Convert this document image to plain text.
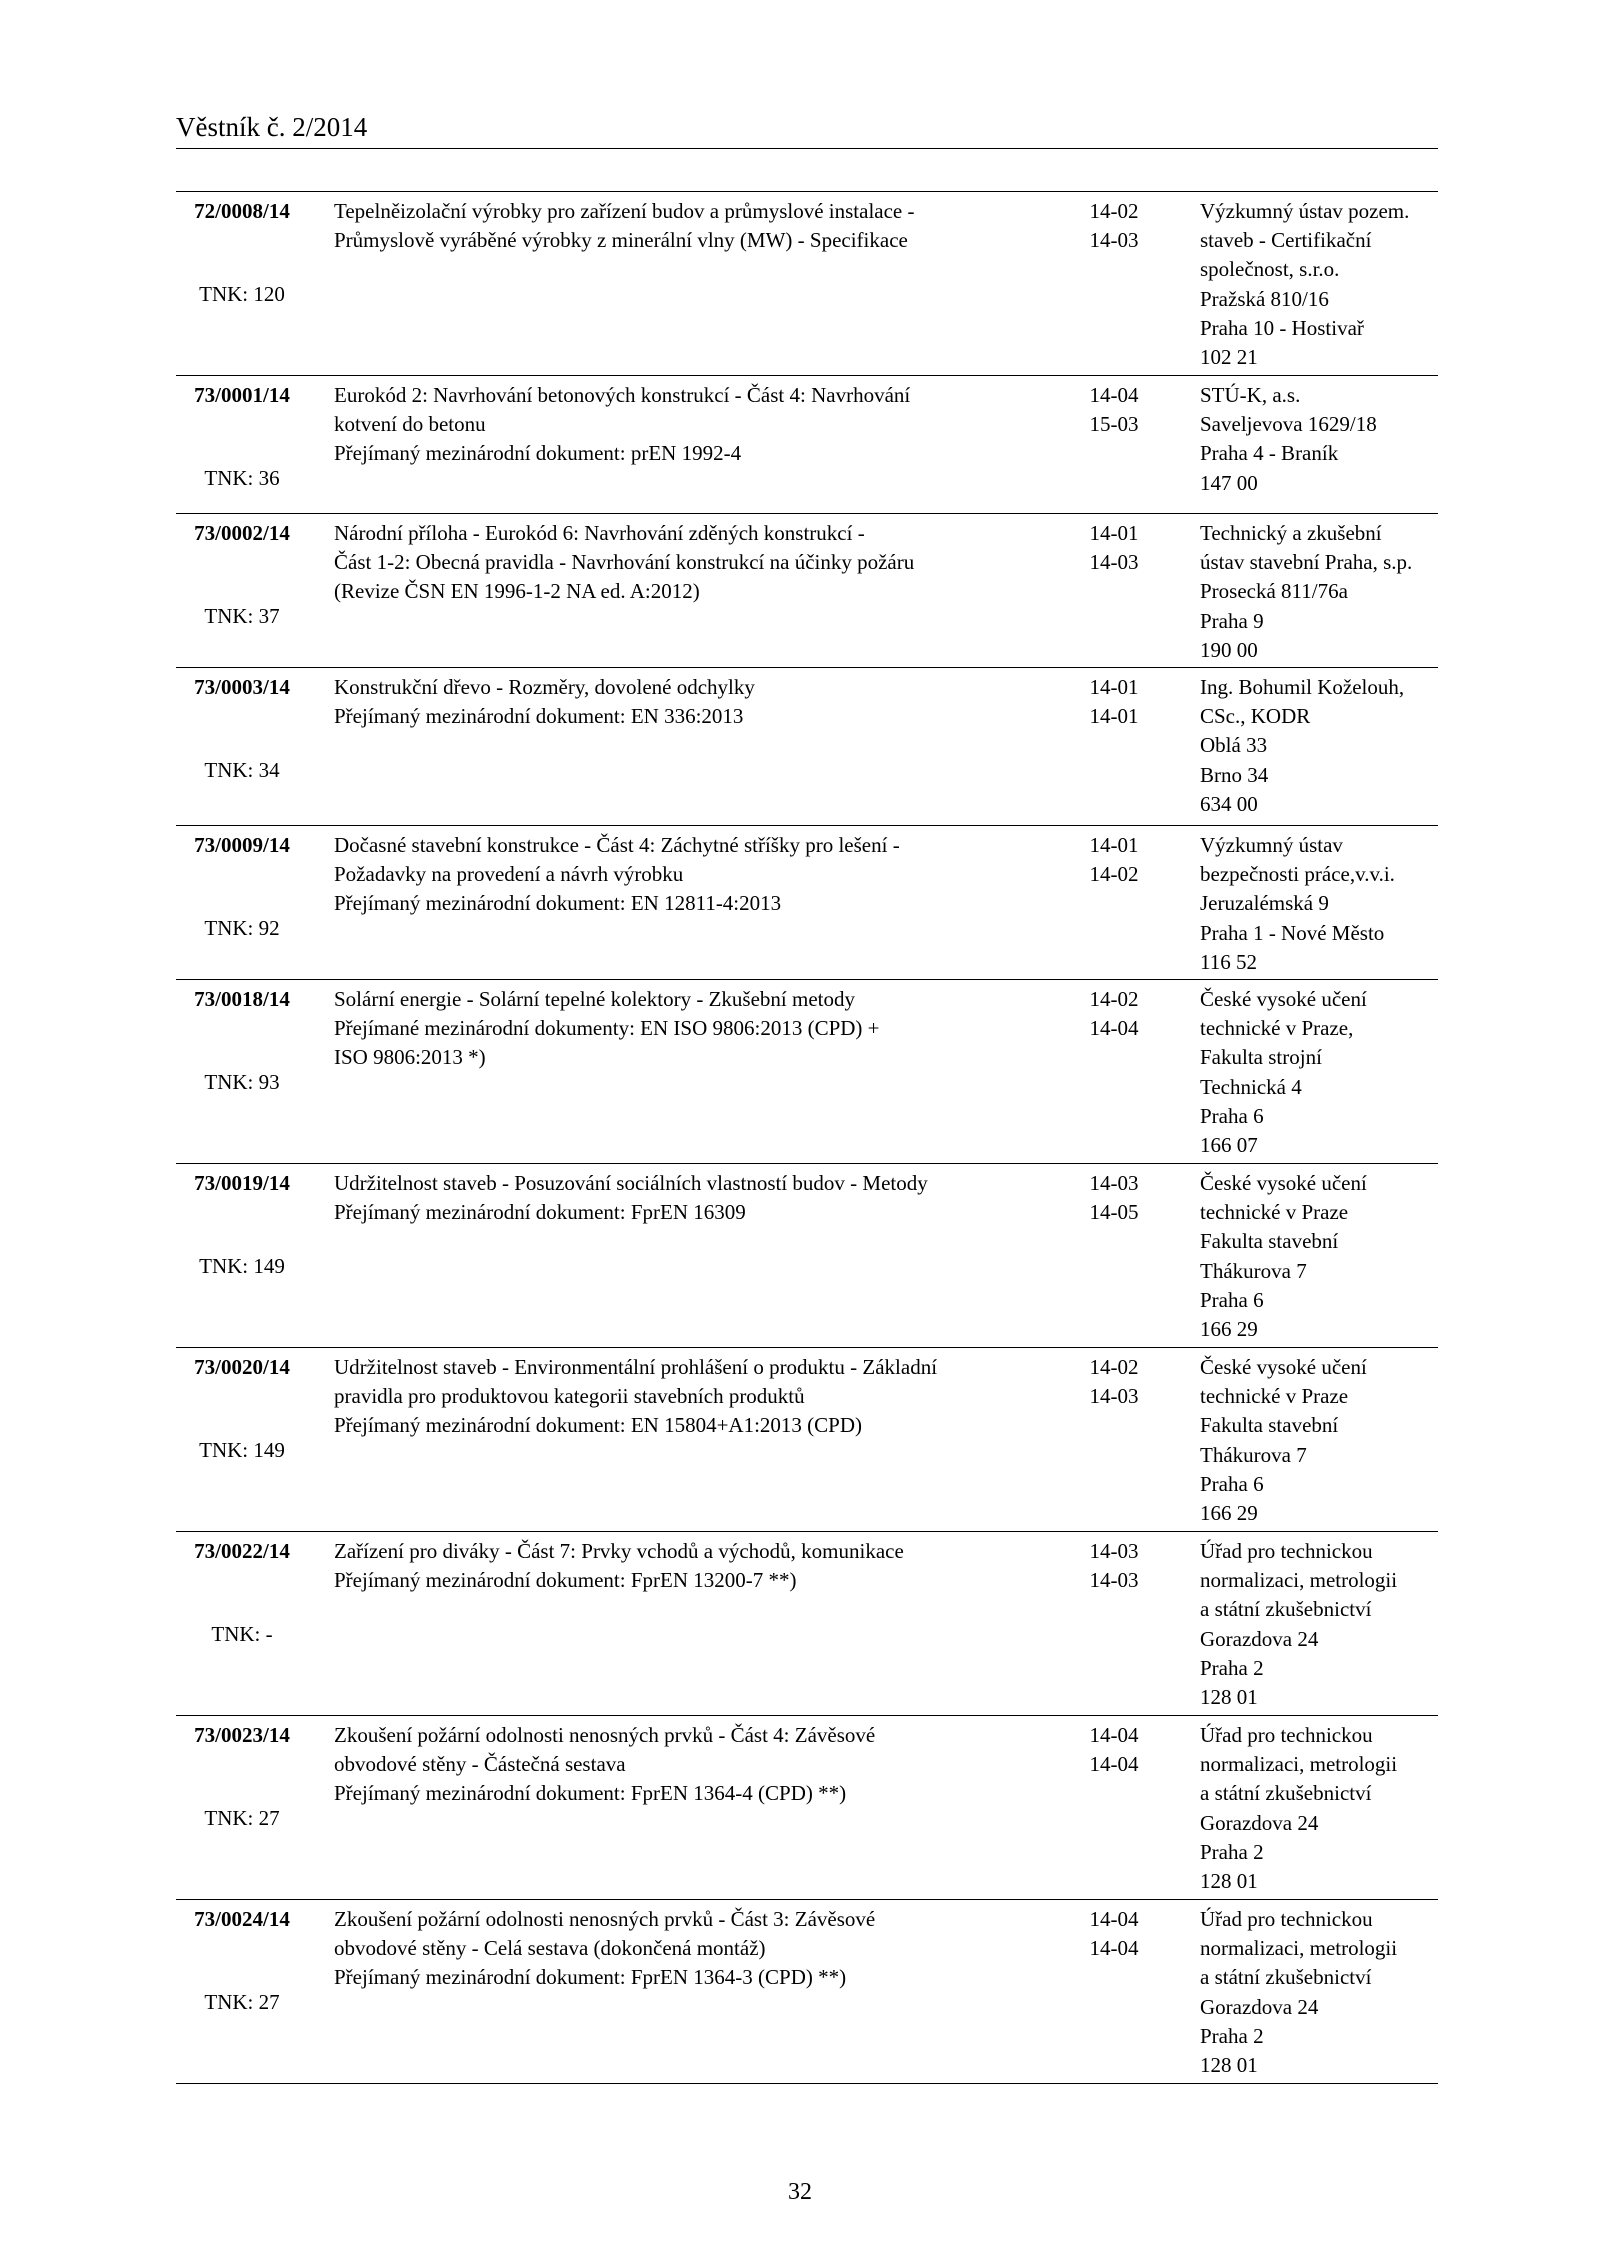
Věstník č. 2/2014
72/0008/14
TNK: 120
Tepelněizolační výrobky pro zařízení budov a průmyslové instalace -
Průmyslově vyráběné výrobky z minerální vlny (MW) - Specifikace
14-02
14-03
Výzkumný ústav pozem.
staveb - Certifikační
společnost, s.r.o.
Pražská 810/16
Praha 10 - Hostivař
102 21
73/0001/14
TNK: 36
Eurokód 2: Navrhování betonových konstrukcí - Část 4: Navrhování
kotvení do betonu
Přejímaný mezinárodní dokument: prEN 1992-4
14-04
15-03
STÚ-K, a.s.
Saveljevova 1629/18
Praha 4 - Braník
147 00
73/0002/14
TNK: 37
Národní příloha - Eurokód 6: Navrhování zděných konstrukcí -
Část 1-2: Obecná pravidla - Navrhování konstrukcí na účinky požáru
(Revize ČSN EN 1996-1-2 NA ed. A:2012)
14-01
14-03
Technický a zkušební
ústav stavební Praha, s.p.
Prosecká 811/76a
Praha 9
190 00
73/0003/14
TNK: 34
Konstrukční dřevo - Rozměry, dovolené odchylky
Přejímaný mezinárodní dokument: EN 336:2013
14-01
14-01
Ing. Bohumil Koželouh,
CSc., KODR
Oblá 33
Brno 34
634 00
73/0009/14
TNK: 92
Dočasné stavební konstrukce - Část 4: Záchytné stříšky pro lešení -
Požadavky na provedení a návrh výrobku
Přejímaný mezinárodní dokument: EN 12811-4:2013
14-01
14-02
Výzkumný ústav
bezpečnosti práce,v.v.i.
Jeruzalémská 9
Praha 1 - Nové Město
116 52
73/0018/14
TNK: 93
Solární energie - Solární tepelné kolektory - Zkušební metody
Přejímané mezinárodní dokumenty: EN ISO 9806:2013 (CPD) +
ISO 9806:2013 *)
14-02
14-04
České vysoké učení
technické v Praze,
Fakulta strojní
Technická 4
Praha 6
166 07
73/0019/14
TNK: 149
Udržitelnost staveb - Posuzování sociálních vlastností budov - Metody
Přejímaný mezinárodní dokument: FprEN 16309
14-03
14-05
České vysoké učení
technické v Praze
Fakulta stavební
Thákurova 7
Praha 6
166 29
73/0020/14
TNK: 149
Udržitelnost staveb - Environmentální prohlášení o produktu - Základní
pravidla pro produktovou kategorii stavebních produktů
Přejímaný mezinárodní dokument: EN 15804+A1:2013 (CPD)
14-02
14-03
České vysoké učení
technické v Praze
Fakulta stavební
Thákurova 7
Praha 6
166 29
73/0022/14
TNK: -
Zařízení pro diváky - Část 7: Prvky vchodů a východů, komunikace
Přejímaný mezinárodní dokument: FprEN 13200-7 **)
14-03
14-03
Úřad pro technickou
normalizaci, metrologii
a státní zkušebnictví
Gorazdova 24
Praha 2
128 01
73/0023/14
TNK: 27
Zkoušení požární odolnosti nenosných prvků - Část 4: Závěsové
obvodové stěny - Částečná sestava
Přejímaný mezinárodní dokument: FprEN 1364-4 (CPD) **)
14-04
14-04
Úřad pro technickou
normalizaci, metrologii
a státní zkušebnictví
Gorazdova 24
Praha 2
128 01
73/0024/14
TNK: 27
Zkoušení požární odolnosti nenosných prvků - Část 3: Závěsové
obvodové stěny - Celá sestava (dokončená montáž)
Přejímaný mezinárodní dokument: FprEN 1364-3 (CPD) **)
14-04
14-04
Úřad pro technickou
normalizaci, metrologii
a státní zkušebnictví
Gorazdova 24
Praha 2
128 01
32
